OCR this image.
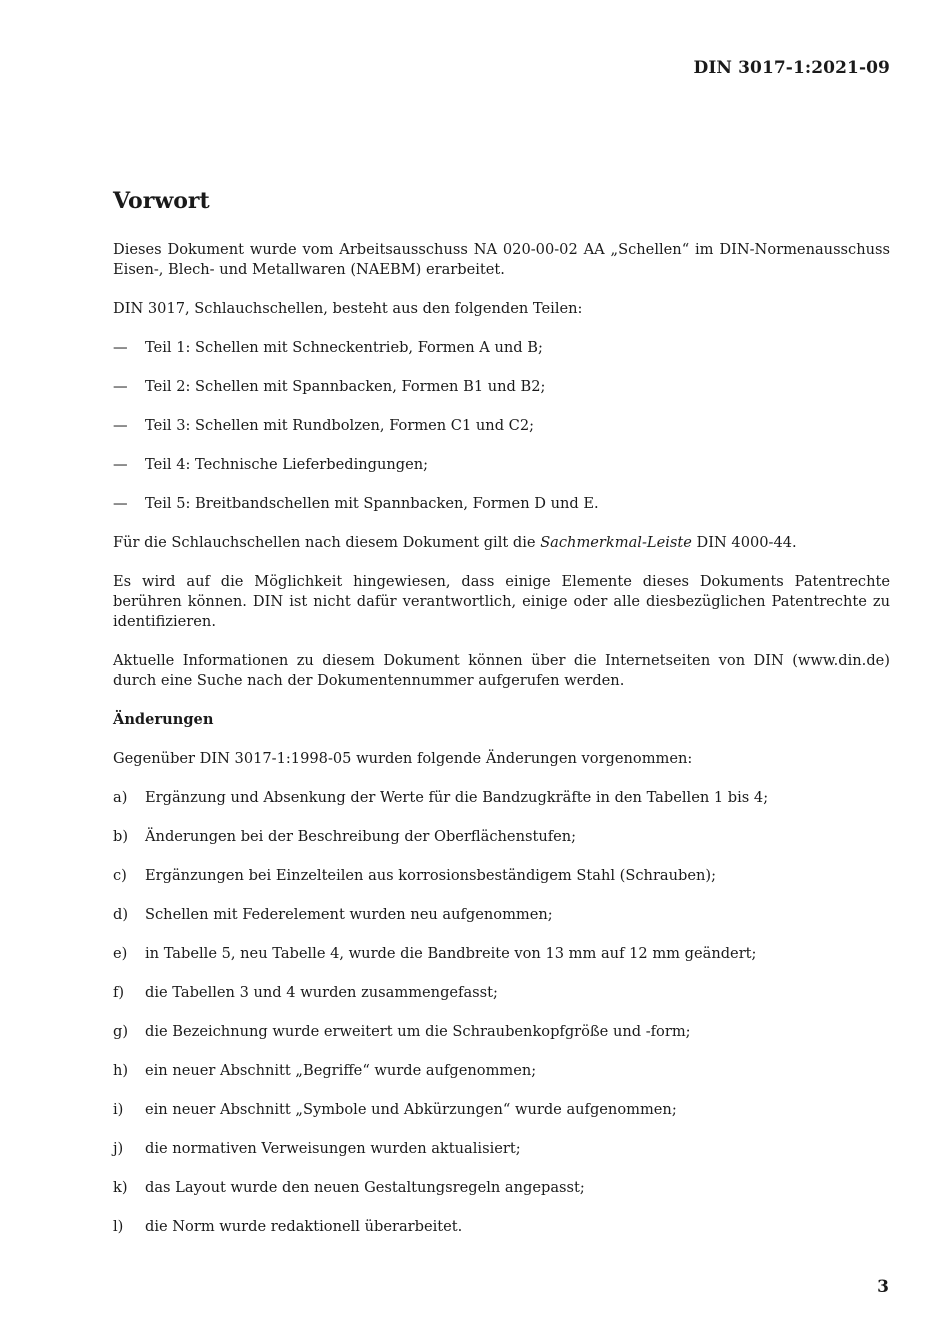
DIN 3017-1:2021-09
Vorwort

Dieses Dokument wurde vom Arbeitsausschuss NA 020-00-02 AA „Schellen“ im DIN-Normenausschuss Eisen-, Blech- und Metallwaren (NAEBM) erarbeitet.

DIN 3017, Schlauchschellen, besteht aus den folgenden Teilen:

—	Teil 1: Schellen mit Schneckentrieb, Formen A und B;
—	Teil 2: Schellen mit Spannbacken, Formen B1 und B2;
—	Teil 3: Schellen mit Rundbolzen, Formen C1 und C2;
—	Teil 4: Technische Lieferbedingungen;
—	Teil 5: Breitbandschellen mit Spannbacken, Formen D und E.

Für die Schlauchschellen nach diesem Dokument gilt die Sachmerkmal-Leiste DIN 4000-44.

Es wird auf die Möglichkeit hingewiesen, dass einige Elemente dieses Dokuments Patentrechte berühren können. DIN ist nicht dafür verantwortlich, einige oder alle diesbezüglichen Patentrechte zu identifizieren.

Aktuelle Informationen zu diesem Dokument können über die Internetseiten von DIN (www.din.de) durch eine Suche nach der Dokumentennummer aufgerufen werden.

Änderungen

Gegenüber DIN 3017-1:1998-05 wurden folgende Änderungen vorgenommen:

a)	Ergänzung und Absenkung der Werte für die Bandzugkräfte in den Tabellen 1 bis 4;
b)	Änderungen bei der Beschreibung der Oberflächenstufen;
c)	Ergänzungen bei Einzelteilen aus korrosionsbeständigem Stahl (Schrauben);
d)	Schellen mit Federelement wurden neu aufgenommen;
e)	in Tabelle 5, neu Tabelle 4, wurde die Bandbreite von 13 mm auf 12 mm geändert;
f)	die Tabellen 3 und 4 wurden zusammengefasst;
g)	die Bezeichnung wurde erweitert um die Schraubenkopfgröße und -form;
h)	ein neuer Abschnitt „Begriffe“ wurde aufgenommen;
i)	ein neuer Abschnitt „Symbole und Abkürzungen“ wurde aufgenommen;
j)	die normativen Verweisungen wurden aktualisiert;
k)	das Layout wurde den neuen Gestaltungsregeln angepasst;
l)	die Norm wurde redaktionell überarbeitet.
3
